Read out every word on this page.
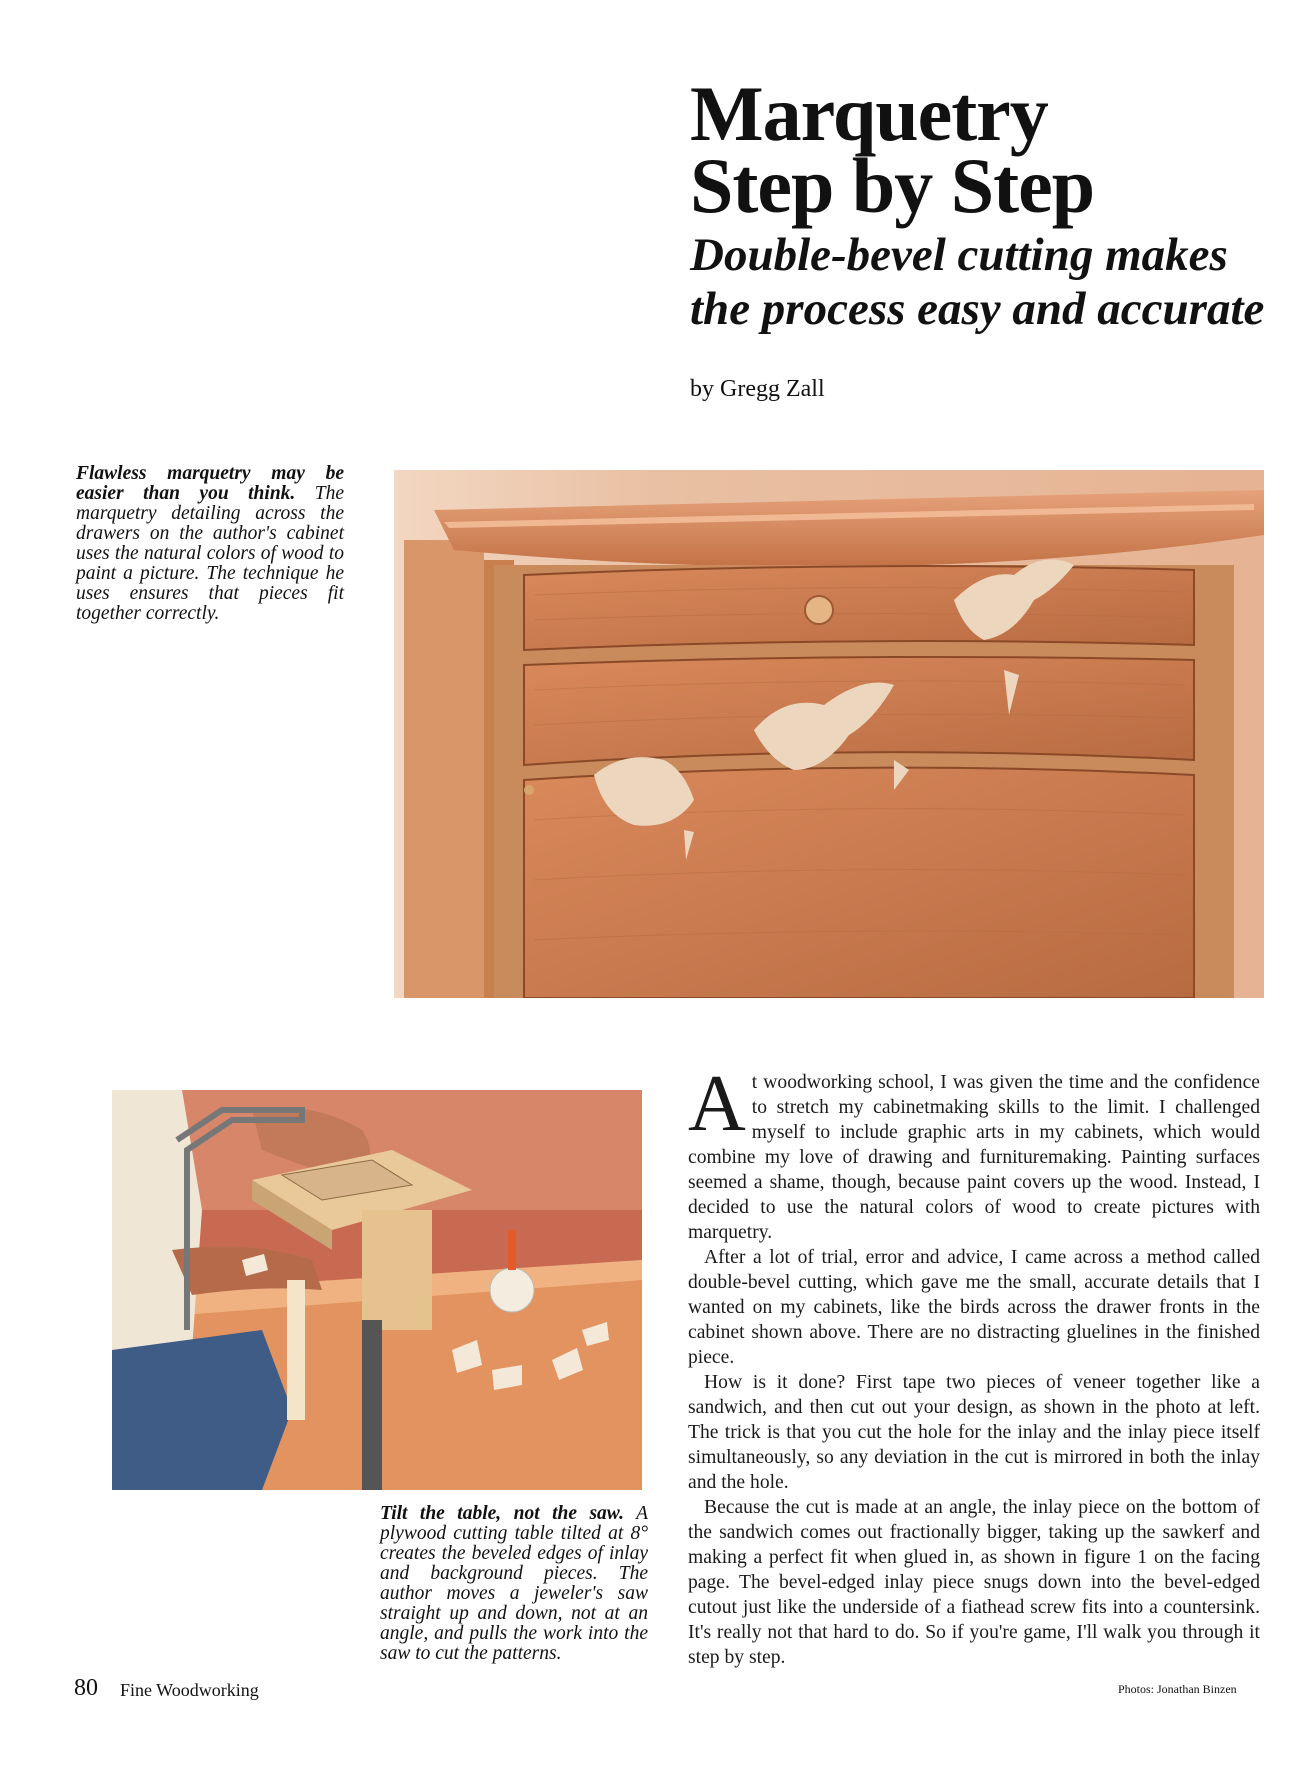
Marquetry
Step by Step
Double-bevel cutting makes
the process easy and accurate
by Gregg Zall

Flawless marquetry may be easier than you think. The marquetry detailing across the drawers on the author's cabinet uses the natural colors of wood to paint a picture. The technique he uses ensures that pieces fit together correctly.

Tilt the table, not the saw. A plywood cutting table tilted at 8° creates the beveled edges of inlay and background pieces. The author moves a jeweler's saw straight up and down, not at an angle, and pulls the work into the saw to cut the patterns.

At woodworking school, I was given the time and the confidence to stretch my cabinetmaking skills to the limit. I challenged myself to include graphic arts in my cabinets, which would combine my love of drawing and furnituremaking. Painting surfaces seemed a shame, though, because paint covers up the wood. Instead, I decided to use the natural colors of wood to create pictures with marquetry.

After a lot of trial, error and advice, I came across a method called double-bevel cutting, which gave me the small, accurate details that I wanted on my cabinets, like the birds across the drawer fronts in the cabinet shown above. There are no distracting gluelines in the finished piece.

How is it done? First tape two pieces of veneer together like a sandwich, and then cut out your design, as shown in the photo at left. The trick is that you cut the hole for the inlay and the inlay piece itself simultaneously, so any deviation in the cut is mirrored in both the inlay and the hole.

Because the cut is made at an angle, the inlay piece on the bottom of the sandwich comes out fractionally bigger, taking up the sawkerf and making a perfect fit when glued in, as shown in figure 1 on the facing page. The bevel-edged inlay piece snugs down into the bevel-edged cutout just like the underside of a fiathead screw fits into a countersink. It's really not that hard to do. So if you're game, I'll walk you through it step by step.

80 Fine Woodworking	Photos: Jonathan Binzen
